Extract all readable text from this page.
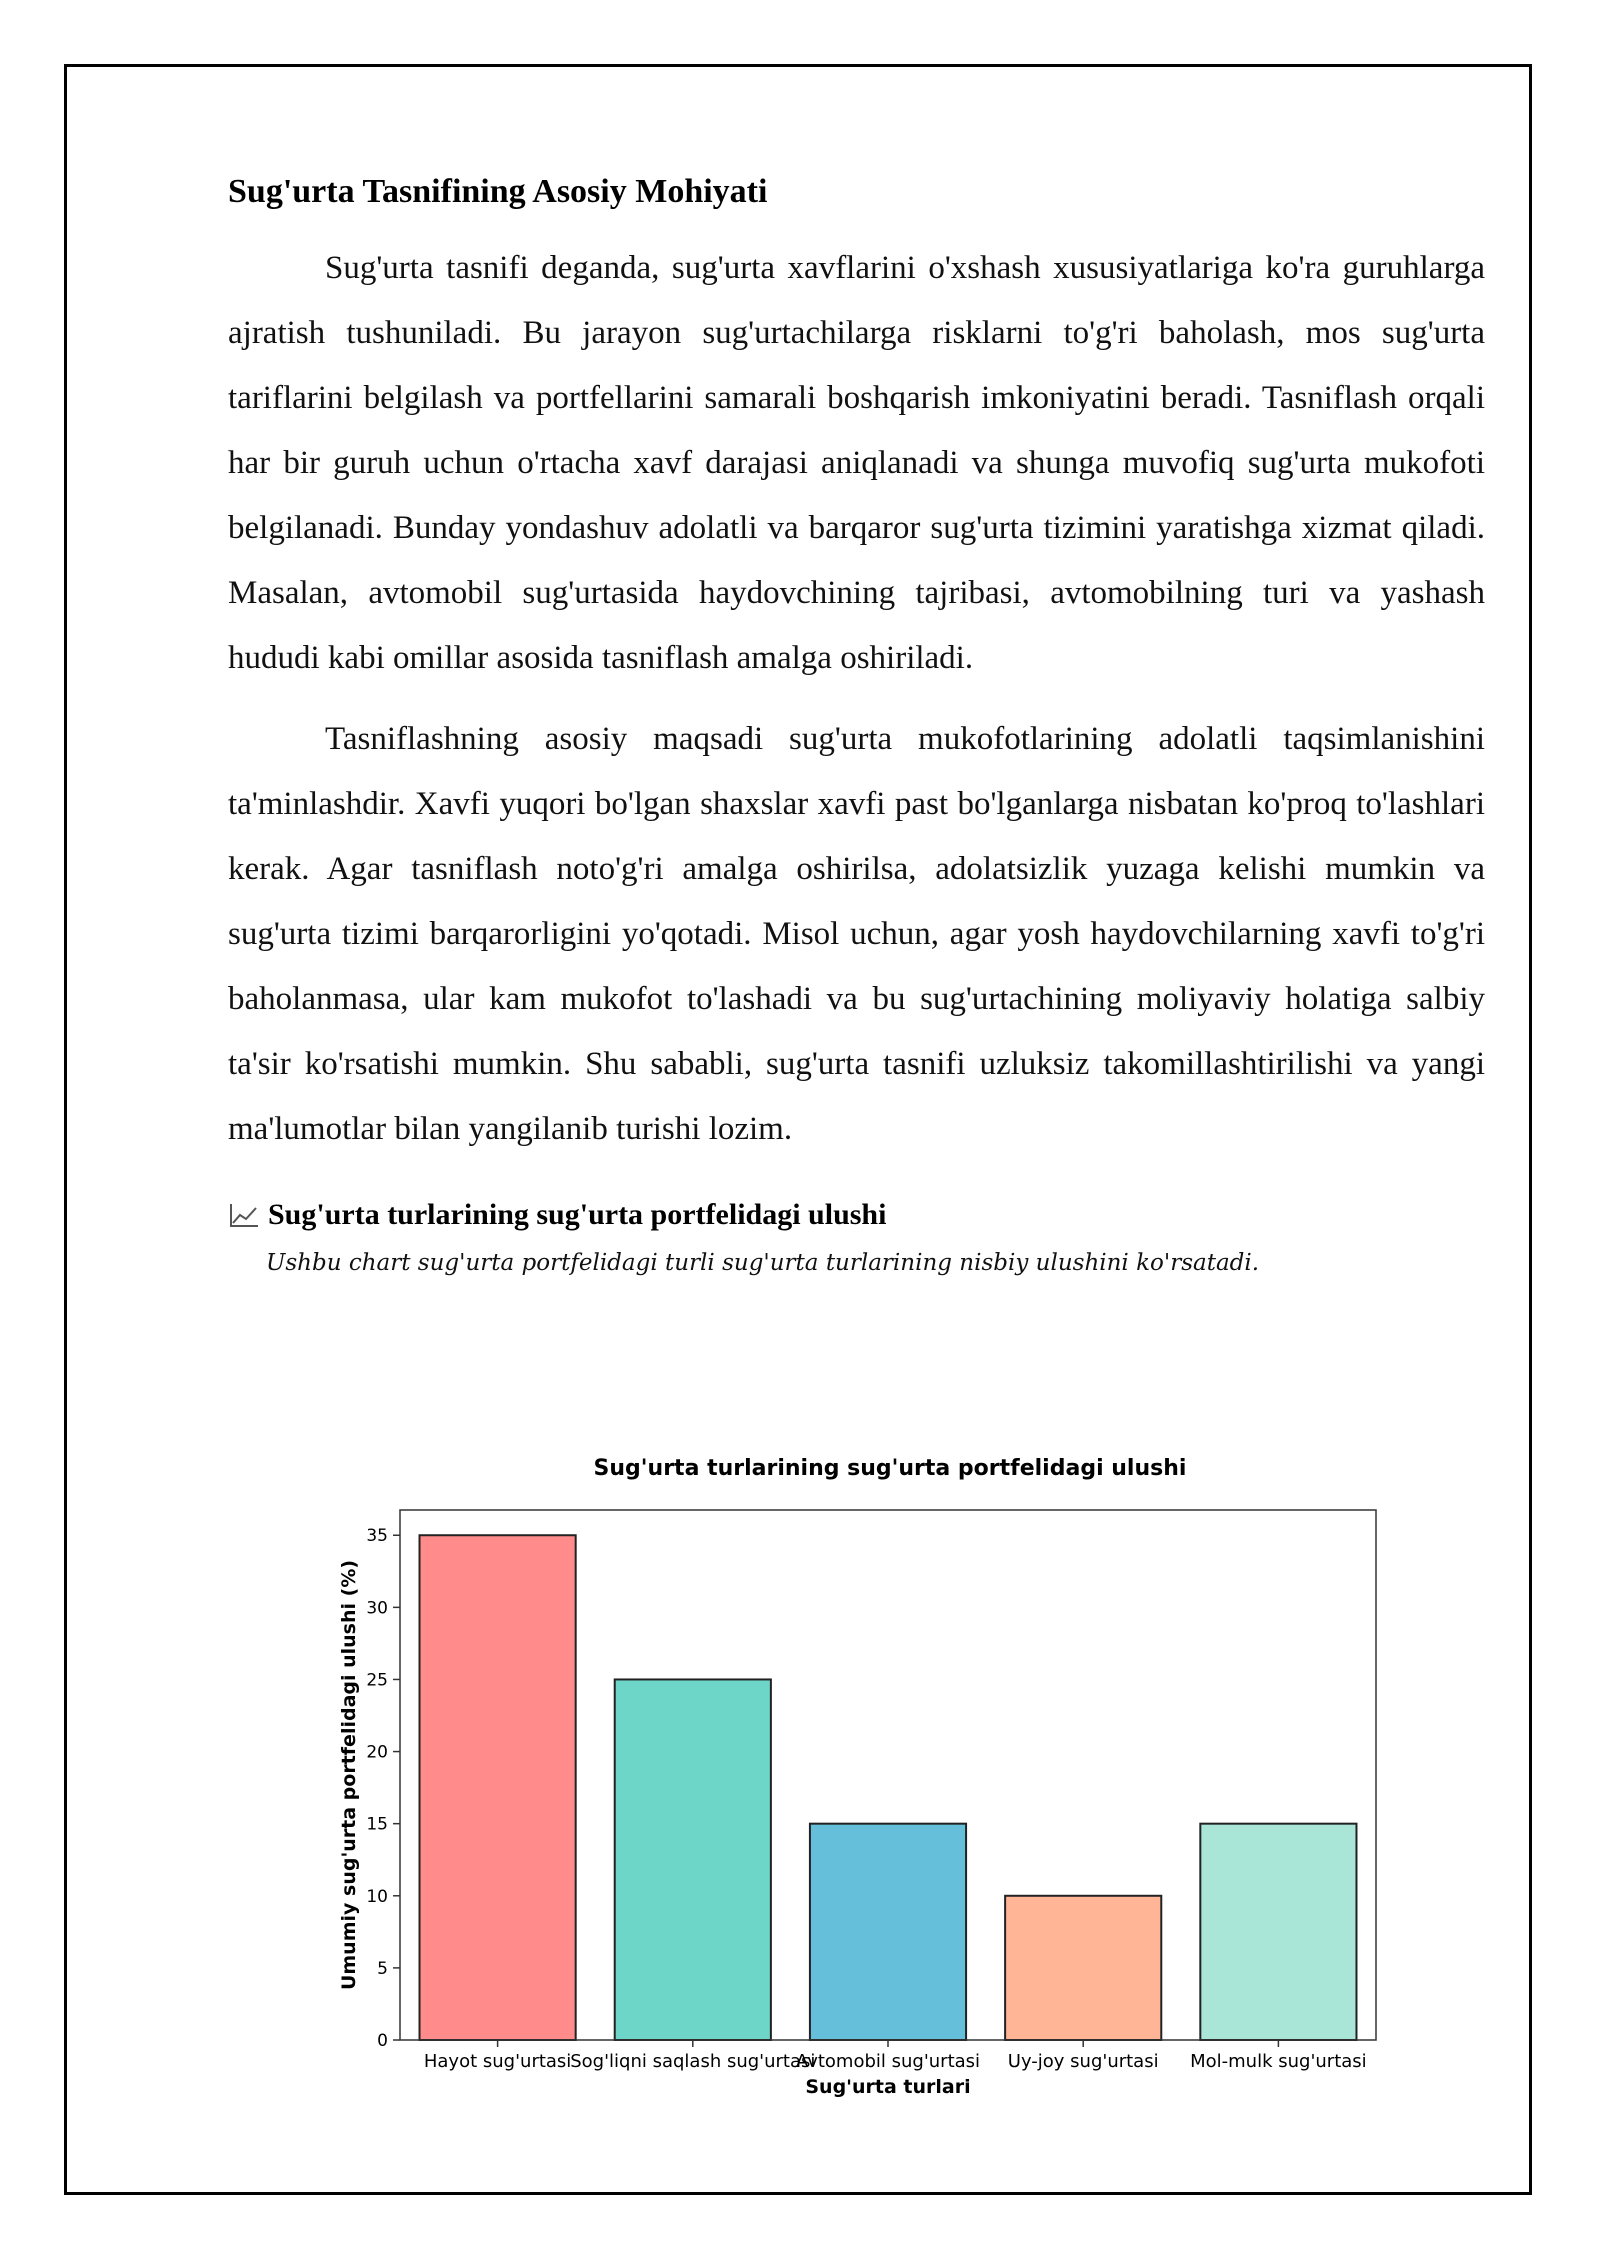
Sug'urta Tasnifining Asosiy Mohiyati

Sug'urta tasnifi deganda, sug'urta xavflarini o'xshash xususiyatlariga ko'ra guruhlarga ajratish tushuniladi. Bu jarayon sug'urtachilarga risklarni to'g'ri baholash, mos sug'urta tariflarini belgilash va portfellarini samarali boshqarish imkoniyatini beradi. Tasniflash orqali har bir guruh uchun o'rtacha xavf darajasi aniqlanadi va shunga muvofiq sug'urta mukofoti belgilanadi. Bunday yondashuv adolatli va barqaror sug'urta tizimini yaratishga xizmat qiladi. Masalan, avtomobil sug'urtasida haydovchining tajribasi, avtomobilning turi va yashash hududi kabi omillar asosida tasniflash amalga oshiriladi.

Tasniflashning asosiy maqsadi sug'urta mukofotlarining adolatli taqsimlanishini ta'minlashdir. Xavfi yuqori bo'lgan shaxslar xavfi past bo'lganlarga nisbatan ko'proq to'lashlari kerak. Agar tasniflash noto'g'ri amalga oshirilsa, adolatsizlik yuzaga kelishi mumkin va sug'urta tizimi barqarorligini yo'qotadi. Misol uchun, agar yosh haydovchilarning xavfi to'g'ri baholanmasa, ular kam mukofot to'lashadi va bu sug'urtachining moliyaviy holatiga salbiy ta'sir ko'rsatishi mumkin. Shu sababli, sug'urta tasnifi uzluksiz takomillashtirilishi va yangi ma'lumotlar bilan yangilanib turishi lozim.

Sug'urta turlarining sug'urta portfelidagi ulushi
Ushbu chart sug'urta portfelidagi turli sug'urta turlarining nisbiy ulushini ko'rsatadi.
Sug'urta turlarining sug'urta portfelidagi ulushi
0
5
10
15
20
25
30
35
Hayot sug'urtasi
Sog'liqni saqlash sug'urtasi
Avtomobil sug'urtasi Uy-joy sug'urtasi Mol-mulk sug'urtasi
Sug'urta turlari
Umumiy sug'urta portfelidagi ulushi (%)
